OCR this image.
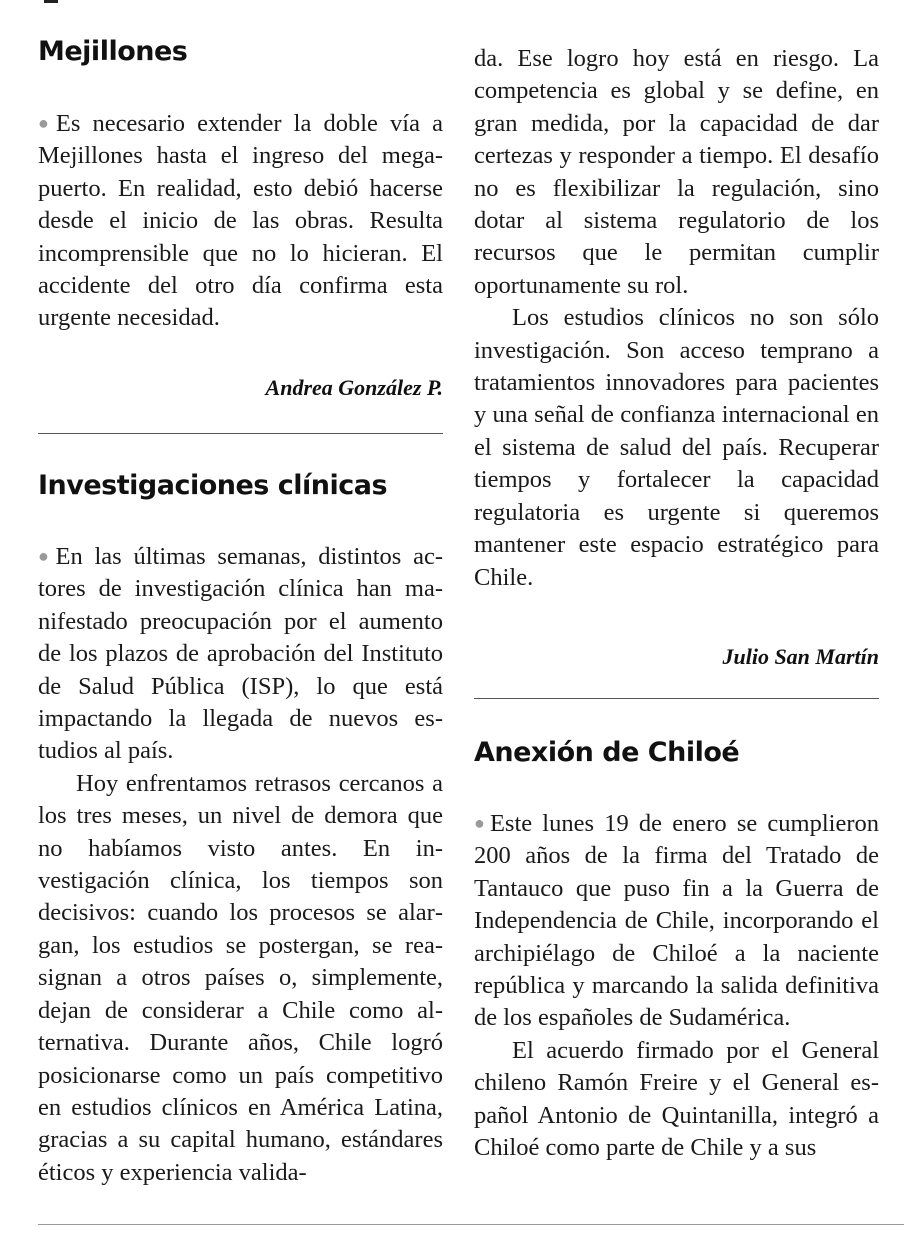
Mejillones

●Es necesario extender la doble vía a Mejillones hasta el ingreso del megapuerto. En realidad, esto debió hacerse desde el inicio de las obras. Resulta incomprensible que no lo hicieran. El accidente del otro día confirma esta urgente necesidad.

Andrea González P.

Investigaciones clínicas

●En las últimas semanas, distintos actores de investigación clínica han manifestado preocupación por el aumento de los plazos de aprobación del Instituto de Salud Pública (ISP), lo que está impactando la llegada de nuevos estudios al país.

Hoy enfrentamos retrasos cercanos a los tres meses, un nivel de demora que no habíamos visto antes. En investigación clínica, los tiempos son decisivos: cuando los procesos se alargan, los estudios se postergan, se reasignan a otros países o, simplemente, dejan de considerar a Chile como alternativa. Durante años, Chile logró posicionarse como un país competitivo en estudios clínicos en América Latina, gracias a su capital humano, estándares éticos y experiencia valida-

da. Ese logro hoy está en riesgo. La competencia es global y se define, en gran medida, por la capacidad de dar certezas y responder a tiempo. El desafío no es flexibilizar la regulación, sino dotar al sistema regulatorio de los recursos que le permitan cumplir oportunamente su rol.

Los estudios clínicos no son sólo investigación. Son acceso temprano a tratamientos innovadores para pacientes y una señal de confianza internacional en el sistema de salud del país. Recuperar tiempos y fortalecer la capacidad regulatoria es urgente si queremos mantener este espacio estratégico para Chile.

Julio San Martín

Anexión de Chiloé

●Este lunes 19 de enero se cumplieron 200 años de la firma del Tratado de Tantauco que puso fin a la Guerra de Independencia de Chile, incorporando el archipiélago de Chiloé a la naciente república y marcando la salida definitiva de los españoles de Sudamérica.

El acuerdo firmado por el General chileno Ramón Freire y el General español Antonio de Quintanilla, integró a Chiloé como parte de Chile y a sus
